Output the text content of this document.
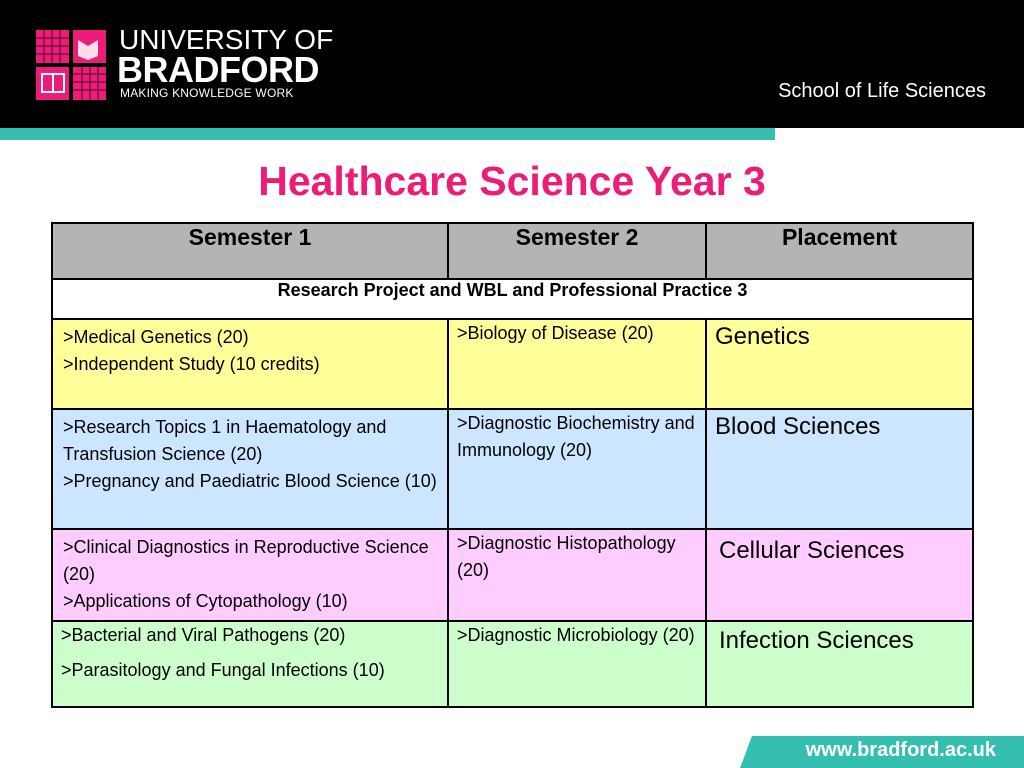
UNIVERSITY OF
BRADFORD
MAKING KNOWLEDGE WORK	School of Life Sciences
Healthcare Science Year 3
Semester 1	Semester 2	Placement
Research Project and WBL and Professional Practice 3		

>Medical Genetics (20)

>Independent Study (10 credits)	>Biology of Disease (20)	Genetics

>Research Topics 1 in Haematology and Transfusion Science (20)

>Pregnancy and Paediatric Blood Science (10)	>Diagnostic Biochemistry and Immunology (20)	Blood Sciences

>Clinical Diagnostics in Reproductive Science (20)

>Applications of Cytopathology (10)	>Diagnostic Histopathology (20)	Cellular Sciences

>Bacterial and Viral Pathogens (20)

>Parasitology and Fungal Infections (10)	>Diagnostic Microbiology (20)	Infection Sciences
www.bradford.ac.uk
